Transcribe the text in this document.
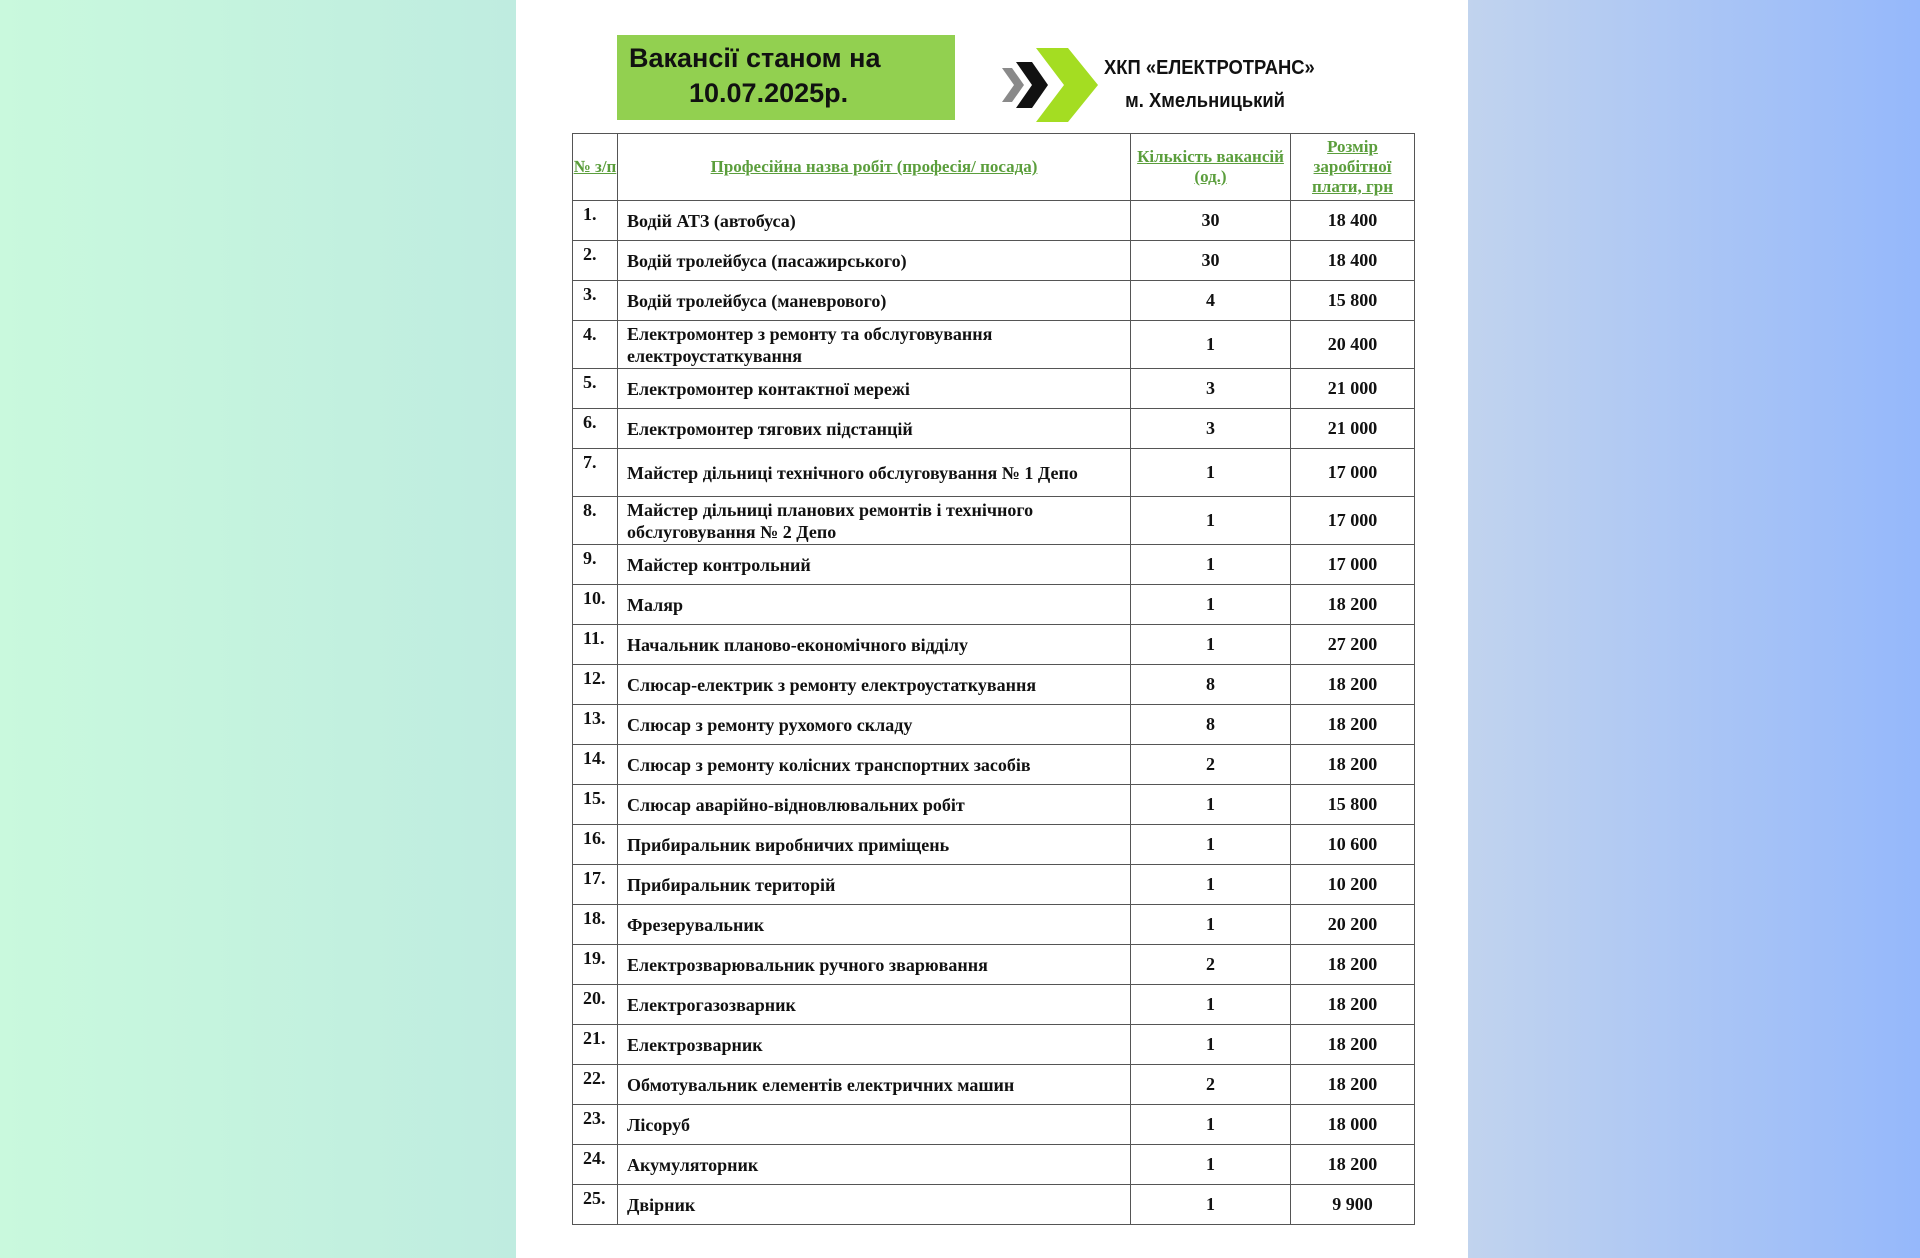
Вакансії станом на
10.07.2025р.
ХКП «ЕЛЕКТРОТРАНС»
м. Хмельницький
№ з/п	Професійна назва робіт (професія/ посада)	Кількість вакансій (од.)	Розмір заробітної плати, грн
1.	Водій АТЗ (автобуса)	30	18 400
2.	Водій тролейбуса (пасажирського)	30	18 400
3.	Водій тролейбуса (маневрового)	4	15 800
4.	Електромонтер з ремонту та обслуговування електроустаткування	1	20 400
5.	Електромонтер контактної мережі	3	21 000
6.	Електромонтер тягових підстанцій	3	21 000
7.	Майстер дільниці технічного обслуговування № 1 Депо	1	17 000
8.	Майстер дільниці планових ремонтів і технічного обслуговування № 2 Депо	1	17 000
9.	Майстер контрольний	1	17 000
10.	Маляр	1	18 200
11.	Начальник планово-економічного відділу	1	27 200
12.	Слюсар-електрик з ремонту електроустаткування	8	18 200
13.	Слюсар з ремонту рухомого складу	8	18 200
14.	Слюсар з ремонту колісних транспортних засобів	2	18 200
15.	Слюсар аварійно-відновлювальних робіт	1	15 800
16.	Прибиральник виробничих приміщень	1	10 600
17.	Прибиральник територій	1	10 200
18.	Фрезерувальник	1	20 200
19.	Електрозварювальник ручного зварювання	2	18 200
20.	Електрогазозварник	1	18 200
21.	Електрозварник	1	18 200
22.	Обмотувальник елементів електричних машин	2	18 200
23.	Лісоруб	1	18 000
24.	Акумуляторник	1	18 200
25.	Двірник	1	9 900
